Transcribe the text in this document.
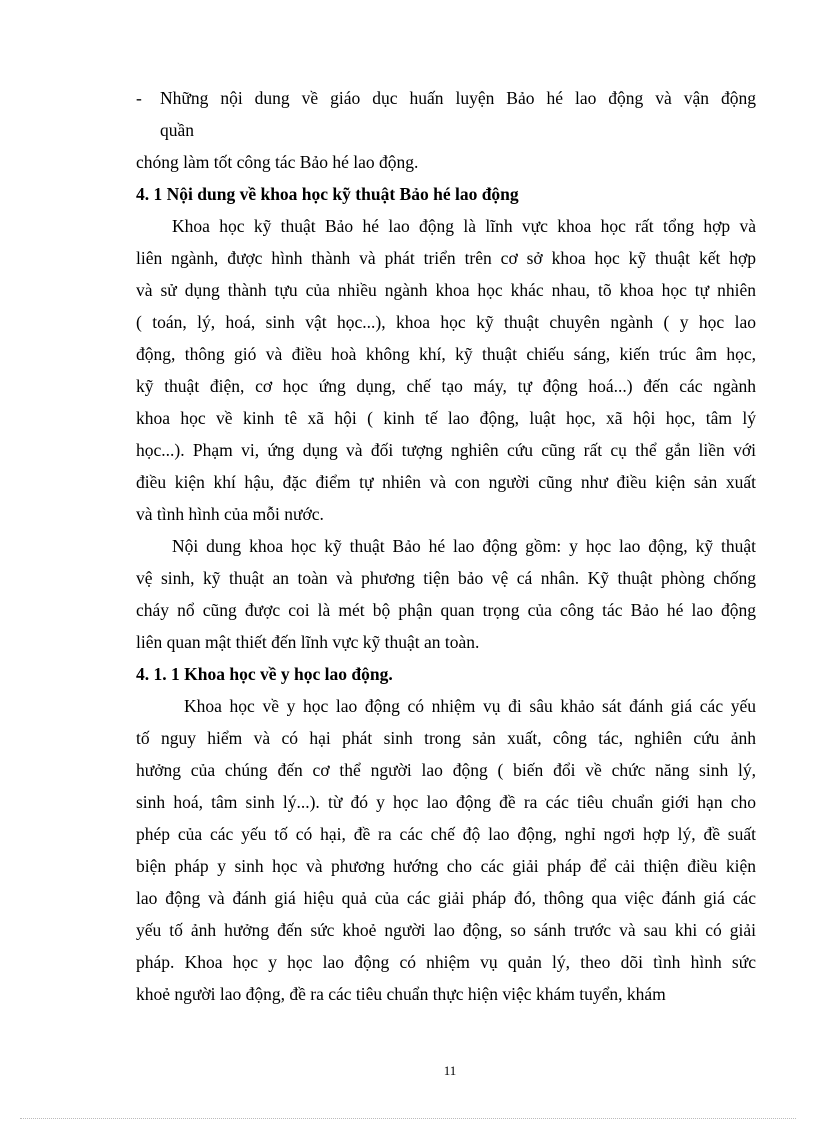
- Những nội dung về giáo dục huấn luyện Bảo hé lao động và vận động
quần
chóng làm tốt công tác Bảo hé lao động.
4. 1 Nội dung về khoa học kỹ thuật Bảo hé lao động
Khoa học kỹ thuật Bảo hé lao động là lĩnh vực khoa học rất tổng hợp và
liên ngành, được hình thành và phát triển trên cơ sở khoa học kỹ thuật kết hợp
và sử dụng thành tựu của nhiều ngành khoa học khác nhau, tõ khoa học tự nhiên
( toán, lý, hoá, sinh vật học...), khoa học kỹ thuật chuyên ngành ( y học lao
động, thông gió và điều hoà không khí, kỹ thuật chiếu sáng, kiến trúc âm học,
kỹ thuật điện, cơ học ứng dụng, chế tạo máy, tự động hoá...) đến các ngành
khoa học về kinh tê xã hội ( kinh tế lao động, luật học, xã hội học, tâm lý
học...). Phạm vi, ứng dụng và đối tượng nghiên cứu cũng rất cụ thể gắn liền với
điều kiện khí hậu, đặc điểm tự nhiên và con người cũng như điều kiện sản xuất
và tình hình của mỗi nước.
Nội dung khoa học kỹ thuật Bảo hé lao động gồm: y học lao động, kỹ thuật
vệ sinh, kỹ thuật an toàn và phương tiện bảo vệ cá nhân. Kỹ thuật phòng chống
cháy nổ cũng được coi là mét bộ phận quan trọng của công tác Bảo hé lao động
liên quan mật thiết đến lĩnh vực kỹ thuật an toàn.
4. 1. 1 Khoa học về y học lao động.
Khoa học về y học lao động có nhiệm vụ đi sâu khảo sát đánh giá các yếu
tố nguy hiểm và có hại phát sinh trong sản xuất, công tác, nghiên cứu ảnh
hưởng của chúng đến cơ thể người lao động ( biến đổi về chức năng sinh lý,
sinh hoá, tâm sinh lý...). từ đó y học lao động đề ra các tiêu chuẩn giới hạn cho
phép của các yếu tố có hại, đề ra các chế độ lao động, nghỉ ngơi hợp lý, đề suất
biện pháp y sinh học và phương hướng cho các giải pháp để cải thiện điều kiện
lao động và đánh giá hiệu quả của các giải pháp đó, thông qua việc đánh giá các
yếu tố ảnh hưởng đến sức khoẻ người lao động, so sánh trước và sau khi có giải
pháp. Khoa học y học lao động có nhiệm vụ quản lý, theo dõi tình hình sức
khoẻ người lao động, đề ra các tiêu chuẩn thực hiện việc khám tuyển, khám
11
